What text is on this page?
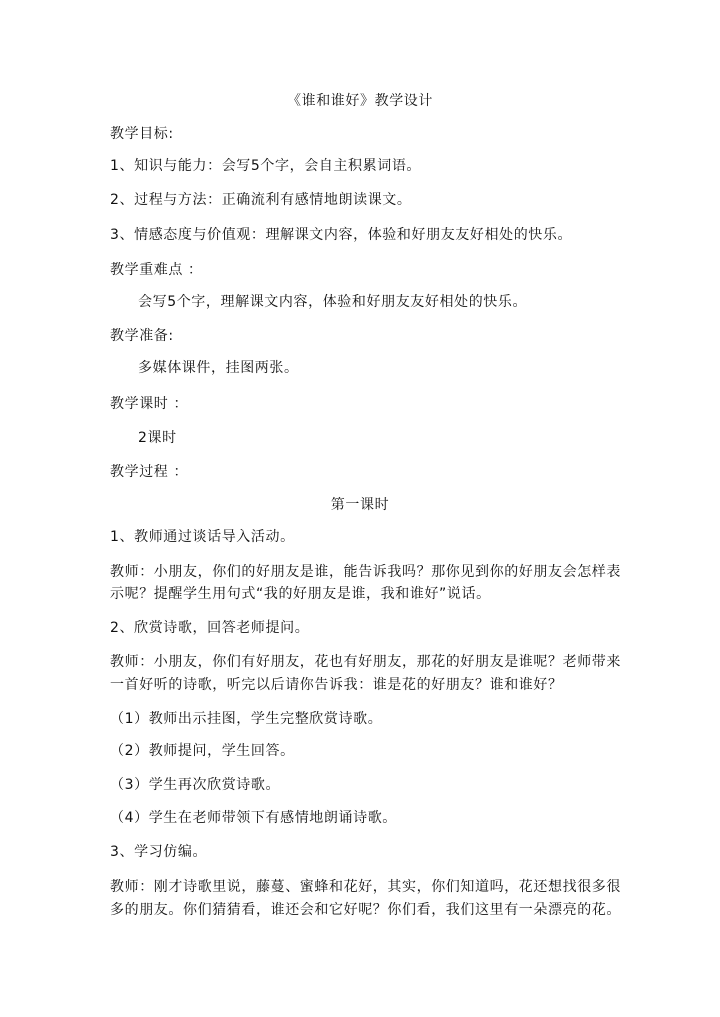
《谁和谁好》教学设计
教学目标:
1、知识与能力：会写5个字，会自主积累词语。
2、过程与方法：正确流利有感情地朗读课文。
3、情感态度与价值观：理解课文内容，体验和好朋友友好相处的快乐。
教学重难点 ：
会写5个字，理解课文内容，体验和好朋友友好相处的快乐。
教学准备:
多媒体课件，挂图两张。
教学课时 ：
2课时
教学过程 ：
第一课时
1、教师通过谈话导入活动。
教师：小朋友，你们的好朋友是谁，能告诉我吗？那你见到你的好朋友会怎样表
示呢？提醒学生用句式“我的好朋友是谁，我和谁好”说话。
2、欣赏诗歌，回答老师提问。
教师：小朋友，你们有好朋友，花也有好朋友，那花的好朋友是谁呢？老师带来
一首好听的诗歌，听完以后请你告诉我：谁是花的好朋友？谁和谁好？
（1）教师出示挂图，学生完整欣赏诗歌。
（2）教师提问，学生回答。
（3）学生再次欣赏诗歌。
（4）学生在老师带领下有感情地朗诵诗歌。
3、学习仿编。
教师：刚才诗歌里说，藤蔓、蜜蜂和花好，其实，你们知道吗，花还想找很多很
多的朋友。你们猜猜看，谁还会和它好呢？你们看，我们这里有一朵漂亮的花。
